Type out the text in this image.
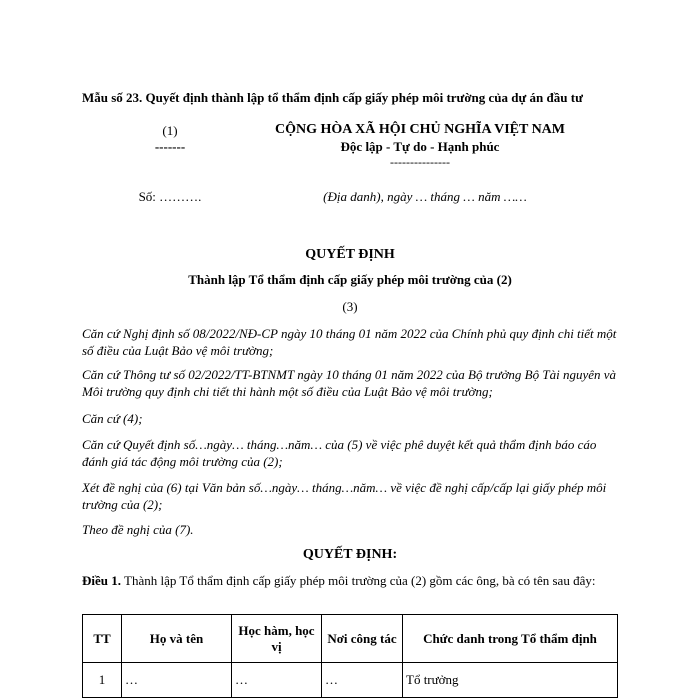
Mẫu số 23. Quyết định thành lập tổ thẩm định cấp giấy phép môi trường của dự án đầu tư
(1)
-------
CỘNG HÒA XÃ HỘI CHỦ NGHĨA VIỆT NAM
Độc lập - Tự do - Hạnh phúc
---------------
Số: ……….	(Địa danh), ngày … tháng … năm ……
QUYẾT ĐỊNH
Thành lập Tổ thẩm định cấp giấy phép môi trường của (2)
(3)
Căn cứ Nghị định số 08/2022/NĐ-CP ngày 10 tháng 01 năm 2022 của Chính phủ quy định chi tiết một số điều của Luật Bảo vệ môi trường;
Căn cứ Thông tư số 02/2022/TT-BTNMT ngày 10 tháng 01 năm 2022 của Bộ trưởng Bộ Tài nguyên và Môi trường quy định chi tiết thi hành một số điều của Luật Bảo vệ môi trường;
Căn cứ (4);
Căn cứ Quyết định số…ngày… tháng…năm… của (5) về việc phê duyệt kết quả thẩm định báo cáo đánh giá tác động môi trường của (2);
Xét đề nghị của (6) tại Văn bản số…ngày… tháng…năm… về việc đề nghị cấp/cấp lại giấy phép môi trường của (2);
Theo đề nghị của (7).
QUYẾT ĐỊNH:
Điều 1. Thành lập Tổ thẩm định cấp giấy phép môi trường của (2) gồm các ông, bà có tên sau đây:
TT	Họ và tên	Học hàm, học vị	Nơi công tác	Chức danh trong Tổ thẩm định
1	…	…	…	Tổ trưởng
